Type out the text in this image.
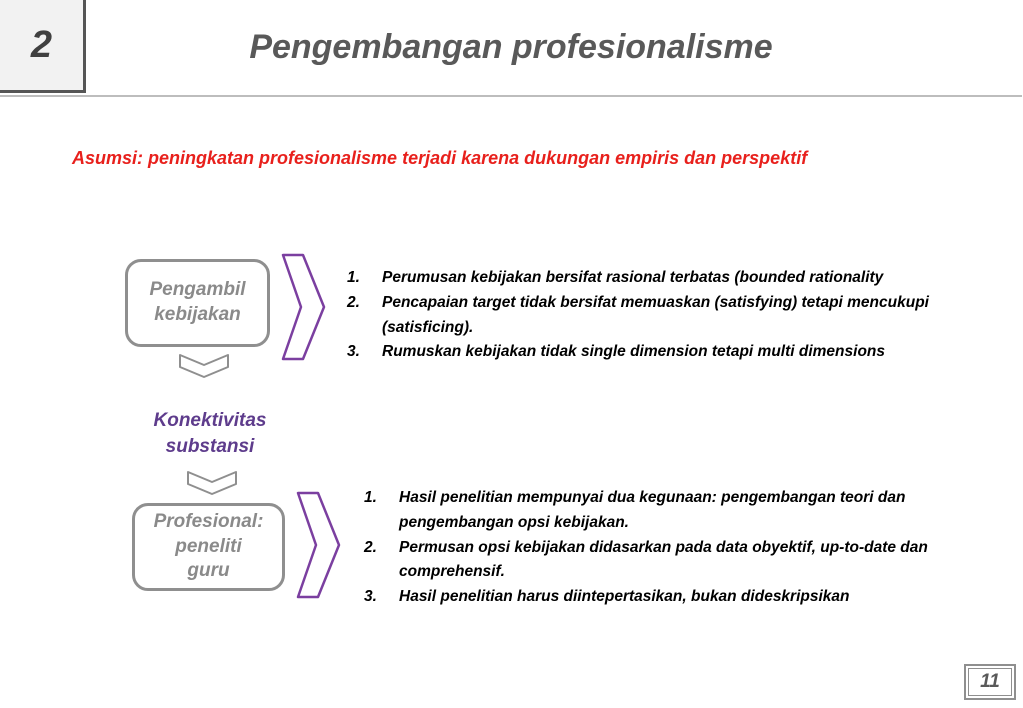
2	Pengembangan profesionalisme
Asumsi: peningkatan profesionalisme terjadi karena dukungan empiris dan perspektif
Pengambil
kebijakan
Konektivitas
substansi
Profesional:
peneliti
guru
1. Perumusan kebijakan bersifat rasional terbatas (bounded rationality
2. Pencapaian target tidak bersifat memuaskan (satisfying) tetapi mencukupi (satisficing).
3. Rumuskan kebijakan tidak single dimension tetapi multi dimensions
1. Hasil penelitian mempunyai dua kegunaan: pengembangan teori dan pengembangan opsi kebijakan.
2. Permusan opsi kebijakan didasarkan pada data obyektif, up-to-date dan comprehensif.
3. Hasil penelitian harus diintepertasikan, bukan dideskripsikan
11
